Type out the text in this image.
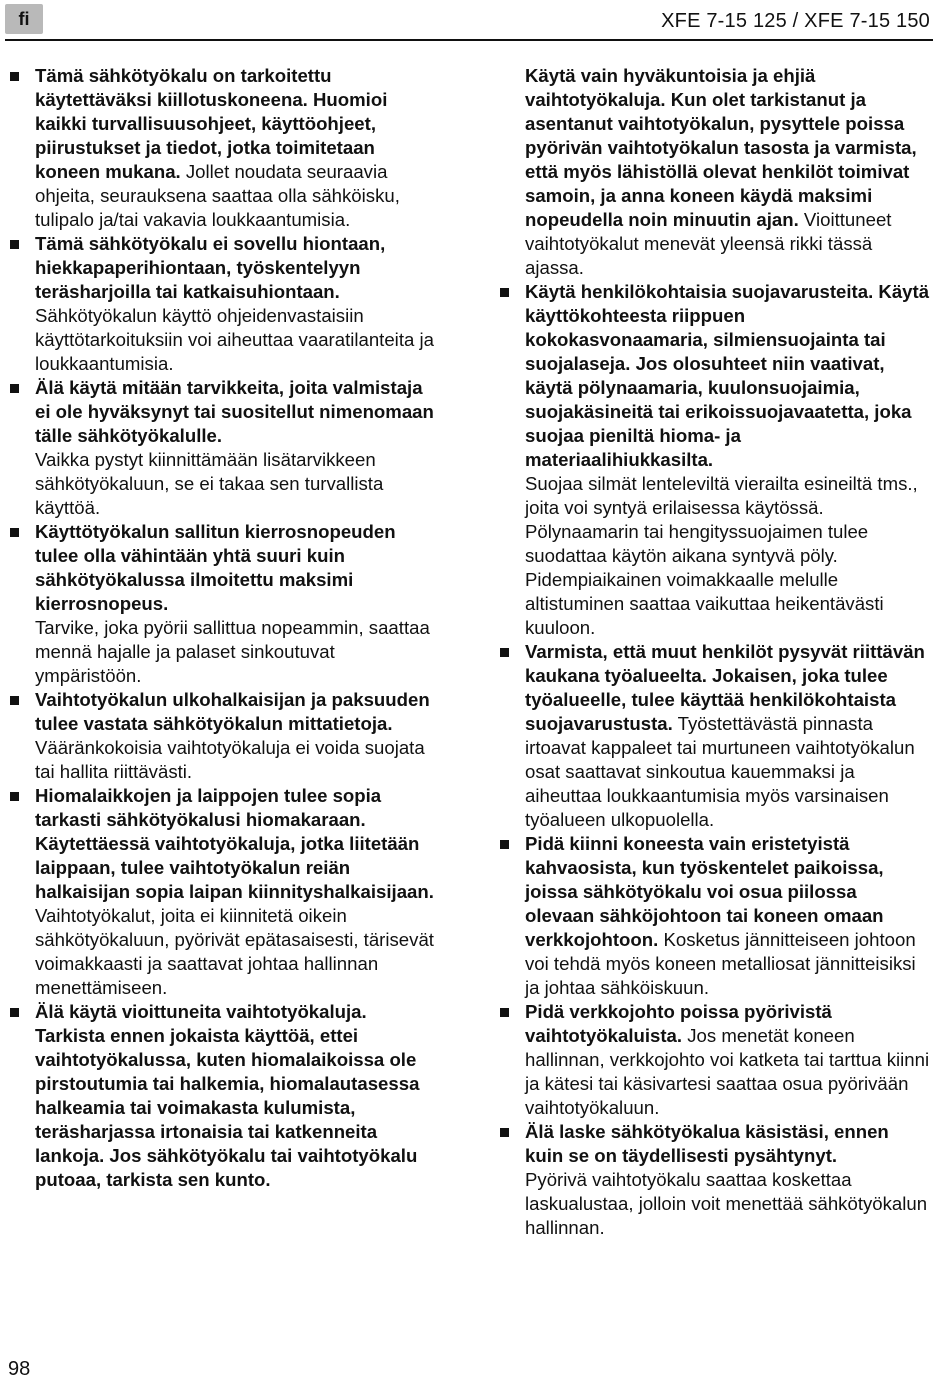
fi	XFE 7-15 125 / XFE 7-15 150
Tämä sähkötyökalu on tarkoitettu käytettäväksi kiillotuskoneena. Huomioi kaikki turvallisuusohjeet, käyttöohjeet, piirustukset ja tiedot, jotka toimitetaan koneen mukana. Jollet noudata seuraavia ohjeita, seurauksena saattaa olla sähköisku, tulipalo ja/tai vakavia loukkaantumisia.
Tämä sähkötyökalu ei sovellu hiontaan, hiekkapaperihiontaan, työskentelyyn teräsharjoilla tai katkaisuhiontaan.
Sähkötyökalun käyttö ohjeidenvastaisiin käyttötarkoituksiin voi aiheuttaa vaaratilanteita ja loukkaantumisia.
Älä käytä mitään tarvikkeita, joita valmistaja ei ole hyväksynyt tai suositellut nimenomaan tälle sähkötyökalulle.
Vaikka pystyt kiinnittämään lisätarvikkeen sähkötyökaluun, se ei takaa sen turvallista käyttöä.
Käyttötyökalun sallitun kierrosnopeuden tulee olla vähintään yhtä suuri kuin sähkötyökalussa ilmoitettu maksimi kierrosnopeus.
Tarvike, joka pyörii sallittua nopeammin, saattaa mennä hajalle ja palaset sinkoutuvat ympäristöön.
Vaihtotyökalun ulkohalkaisijan ja paksuuden tulee vastata sähkötyökalun mittatietoja.
Vääränkokoisia vaihtotyökaluja ei voida suojata tai hallita riittävästi.
Hiomalaikkojen ja laippojen tulee sopia tarkasti sähkötyökalusi hiomakaraan. Käytettäessä vaihtotyökaluja, jotka liitetään laippaan, tulee vaihtotyökalun reiän halkaisijan sopia laipan kiinnityshalkaisijaan. Vaihtotyökalut, joita ei kiinnitetä oikein sähkötyökaluun, pyörivät epätasaisesti, tärisevät voimakkaasti ja saattavat johtaa hallinnan menettämiseen.
Älä käytä vioittuneita vaihtotyökaluja. Tarkista ennen jokaista käyttöä, ettei vaihtotyökalussa, kuten hiomalaikoissa ole pirstoutumia tai halkemia, hiomalautasessa halkeamia tai voimakasta kulumista, teräsharjassa irtonaisia tai katkenneita lankoja. Jos sähkötyökalu tai vaihtotyökalu putoaa, tarkista sen kunto.
Käytä vain hyväkuntoisia ja ehjiä vaihtotyökaluja. Kun olet tarkistanut ja asentanut vaihtotyökalun, pysyttele poissa pyörivän vaihtotyökalun tasosta ja varmista, että myös lähistöllä olevat henkilöt toimivat samoin, ja anna koneen käydä maksimi nopeudella noin minuutin ajan. Vioittuneet vaihtotyökalut menevät yleensä rikki tässä ajassa.
Käytä henkilökohtaisia suojavarusteita. Käytä käyttökohteesta riippuen kokokasvonaamaria, silmiensuojainta tai suojalaseja. Jos olosuhteet niin vaativat, käytä pölynaamaria, kuulonsuojaimia, suojakäsineitä tai erikoissuojavaatetta, joka suojaa pieniltä hioma- ja materiaalihiukkasilta.
Suojaa silmät lenteleviltä vierailta esineiltä tms., joita voi syntyä erilaisessa käytössä. Pölynaamarin tai hengityssuojaimen tulee suodattaa käytön aikana syntyvä pöly. Pidempiaikainen voimakkaalle melulle altistuminen saattaa vaikuttaa heikentävästi kuuloon.
Varmista, että muut henkilöt pysyvät riittävän kaukana työalueelta. Jokaisen, joka tulee työalueelle, tulee käyttää henkilökohtaista suojavarustusta. Työstettävästä pinnasta irtoavat kappaleet tai murtuneen vaihtotyökalun osat saattavat sinkoutua kauemmaksi ja aiheuttaa loukkaantumisia myös varsinaisen työalueen ulkopuolella.
Pidä kiinni koneesta vain eristetyistä kahvaosista, kun työskentelet paikoissa, joissa sähkötyökalu voi osua piilossa olevaan sähköjohtoon tai koneen omaan verkkojohtoon. Kosketus jännitteiseen johtoon voi tehdä myös koneen metalliosat jännitteisiksi ja johtaa sähköiskuun.
Pidä verkkojohto poissa pyörivistä vaihtotyökaluista. Jos menetät koneen hallinnan, verkkojohto voi katketa tai tarttua kiinni ja kätesi tai käsivartesi saattaa osua pyörivään vaihtotyökaluun.
Älä laske sähkötyökalua käsistäsi, ennen kuin se on täydellisesti pysähtynyt.
Pyörivä vaihtotyökalu saattaa koskettaa laskualustaa, jolloin voit menettää sähkötyökalun hallinnan.
98
